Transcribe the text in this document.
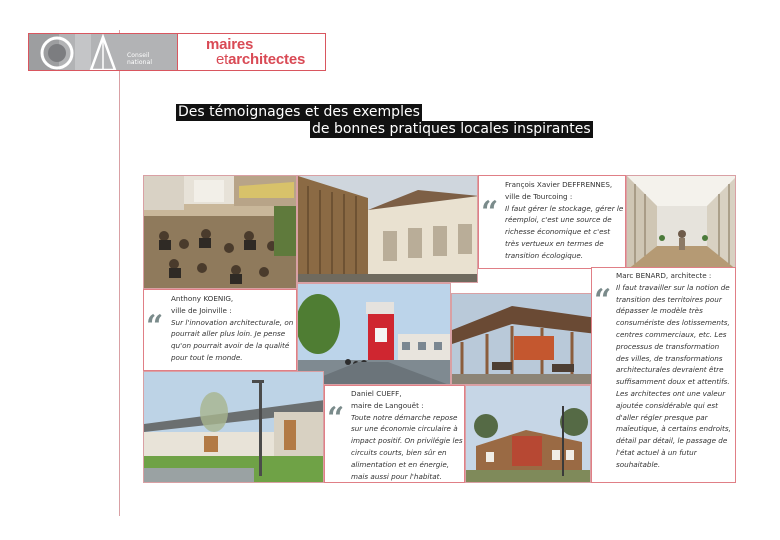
Conseil
national
maires
etarchitectes
Des témoignages et des exemples
de bonnes pratiques locales inspirantes
“
François Xavier DEFFRENNES,
ville de Tourcoing :
Il faut gérer le stockage, gérer le réemploi, c'est une source de richesse économique et c'est très vertueux en termes de transition écologique.
“
Anthony KOENIG,
ville de Joinville :
Sur l'innovation architecturale, on pourrait aller plus loin. Je pense qu'on pourrait avoir de la qualité pour tout le monde.
“
Marc BENARD, architecte :
Il faut travailler sur la notion de transition des territoires pour dépasser le modèle très consumériste des lotissements, centres commerciaux, etc. Les processus de transformation des villes, de transformations architecturales devraient être suffisamment doux et attentifs. Les architectes ont une valeur ajoutée considérable qui est d'aller régler presque par maïeutique, à certains endroits, détail par détail, le passage de l'état actuel à un futur souhaitable.
“
Daniel CUEFF,
maire de Langouët :
Toute notre démarche repose sur une économie circulaire à impact positif. On privilégie les circuits courts, bien sûr en alimentation et en énergie, mais aussi pour l'habitat.
